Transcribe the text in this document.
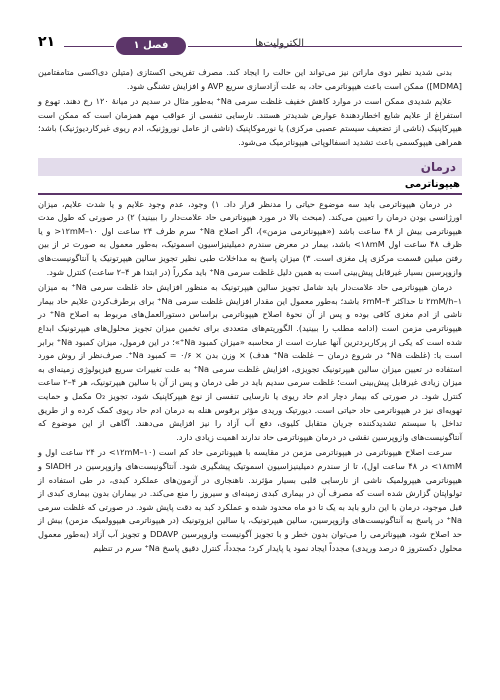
۲۱	فصل ۱	الکترولیت‌ها

بدنی شدید نظیر دوی ماراتن نیز می‌تواند این حالت را ایجاد کند. مصرف تفریحی اکستازی (متیلن دی‌اکسی متامفتامین [MDMA]) ممکن است باعث هیپوناترمی حاد، به علت آزادسازی سریع AVP و افزایش تشنگی شود.

علایم شدیدی ممکن است در موارد کاهش خفیف غلظت سرمی Na⁺ به‌طور مثال در سدیم در میانهٔ ۱۲۰ رخ دهند. تهوع و استفراغ از علایم شایع اخطاردهندهٔ عوارض شدیدتر هستند. نارسایی تنفسی از عواقب مهم همزمان است که ممکن است هیپرکاپنیک (ناشی از تضعیف سیستم عصبی مرکزی) یا نورموکاپنیک (ناشی از عامل نوروژنیک، ادم ریوی غیرکاردیوژنیک) باشد؛ همراهی هیپوکسمی باعث تشدید انسفالوپاتی هیپوناترمیک می‌شود.

درمان
هیپوناترمی

در درمان هیپوناترمی باید سه موضوع حیاتی را مدنظر قرار داد. ۱) وجود، عدم وجود علایم و یا شدت علایم، میزان اورژانسی بودن درمان را تعیین می‌کند. (مبحث بالا در مورد هیپوناترمی حاد علامت‌دار را ببینید) ۲) در صورتی که طول مدت هیپوناترمی بیش از ۴۸ ساعت باشد («هیپوناترمی مزمن»)، اگر اصلاح Na⁺ سرم ظرف ۲۴ ساعت اول ۱۲mM–۱۰< و یا ظرف ۴۸ ساعت اول ۱۸mM> باشد، بیمار در معرض سندرم دمیلینیزاسیون اسموتیک، به‌طور معمول به صورت تر از بین رفتن میلین قسمت مرکزی پل مغزی است. ۳) میزان پاسخ به مداخلات طبی نظیر تجویز سالین هیپرتونیک یا آنتاگونیست‌های وازوپرسین بسیار غیرقابل پیش‌بینی است به همین دلیل غلظت سرمی Na⁺ باید مکرراً (در ابتدا هر ۴–۲ ساعت) کنترل شود.

درمان هیپوناترمی حاد علامت‌دار باید شامل تجویز سالین هیپرتونیک به منظور افزایش حاد غلظت سرمی Na⁺ به میزان ۲mM/h–۱ تا حداکثر ۶mM–۴ باشد؛ به‌طور معمول این مقدار افزایش غلظت سرمی Na⁺ برای برطرف‌کردن علایم حاد بیمار ناشی از ادم مغزی کافی بوده و پس از آن نحوهٔ اصلاح هیپوناترمی براساس دستورالعمل‌های مربوط به اصلاح Na⁺ در هیپوناترمی مزمن است (ادامه مطلب را ببینید). الگوریتم‌های متعددی برای تخمین میزان تجویز محلول‌های هیپرتونیک ابداع شده است که یکی از پرکاربردترین آنها عبارت است از محاسبه «میزان کمبود Na⁺»؛ در این فرمول، میزان کمبود Na⁺ برابر است با: (غلظت Na⁺ در شروع درمان − غلظت Na⁺ هدف) × وزن بدن × ۰/۶ = کمبود Na⁺. صرف‌نظر از روش مورد استفاده در تعیین میزان سالین هیپرتونیک تجویزی، افزایش غلظت سرمی Na⁺ به علت تغییرات سریع فیزیولوژی زمینه‌ای به میزان زیادی غیرقابل پیش‌بینی است؛ غلظت سرمی سدیم باید در طی درمان و پس از آن با سالین هیپرتونیک، هر ۴–۲ ساعت کنترل شود. در صورتی که بیمار دچار ادم حاد ریوی یا نارسایی تنفسی از نوع هیپرکاپنیک شود، تجویز O₂ مکمل و حمایت تهویه‌ای نیز در هیپوناترمی حاد حیاتی است. دیورتیک وریدی مؤثر برقوس هنله به درمان ادم حاد ریوی کمک کرده و از طریق تداخل با سیستم تشدید‌کننده جریان متقابل کلیوی، دفع آب آزاد را نیز افزایش می‌دهند. آگاهی از این موضوع که آنتاگونیست‌های وازوپرسین نقشی در درمان هیپوناترمی حاد ندارند اهمیت زیادی دارد.

سرعت اصلاح هیپوناترمی در هیپوناترمی مزمن در مقایسه با هیپوناترمی حاد کم است (۱۲mM–۱۰> در ۲۴ ساعت اول و ۱۸mM> در ۴۸ ساعت اول)، تا از سندرم دمیلینیزاسیون اسموتیک پیشگیری شود. آنتاگونیست‌های وازوپرسین در SIADH و هیپوناترمی هیپرولمیک ناشی از نارسایی قلبی بسیار مؤثرند. ناهنجاری در آزمون‌های عملکرد کبدی، در طی استفاده از تولواپتان گزارش شده است که مصرف آن در بیماری کبدی زمینه‌ای و سیروز را منع می‌کند. در بیماران بدون بیماری کبدی از قبل موجود، درمان با این دارو باید به یک تا دو ماه محدود شده و عملکرد کبد به دقت پایش شود. در صورتی که غلظت سرمی Na⁺ در پاسخ به آنتاگونیست‌های وازوپرسین، سالین هیپرتونیک، یا سالین ایزوتونیک (در هیپوناترمی هیپوولمیک مزمن) بیش از حد اصلاح شود، هیپوناترمی را می‌توان بدون خطر و با تجویز آگونیست وازوپرسین DDAVP و تجویز آب آزاد (به‌طور معمول محلول دکستروز ۵ درصد وریدی) مجدداً ایجاد نمود یا پایدار کرد؛ مجدداً، کنترل دقیق پاسخ Na⁺ سرم در تنظیم
